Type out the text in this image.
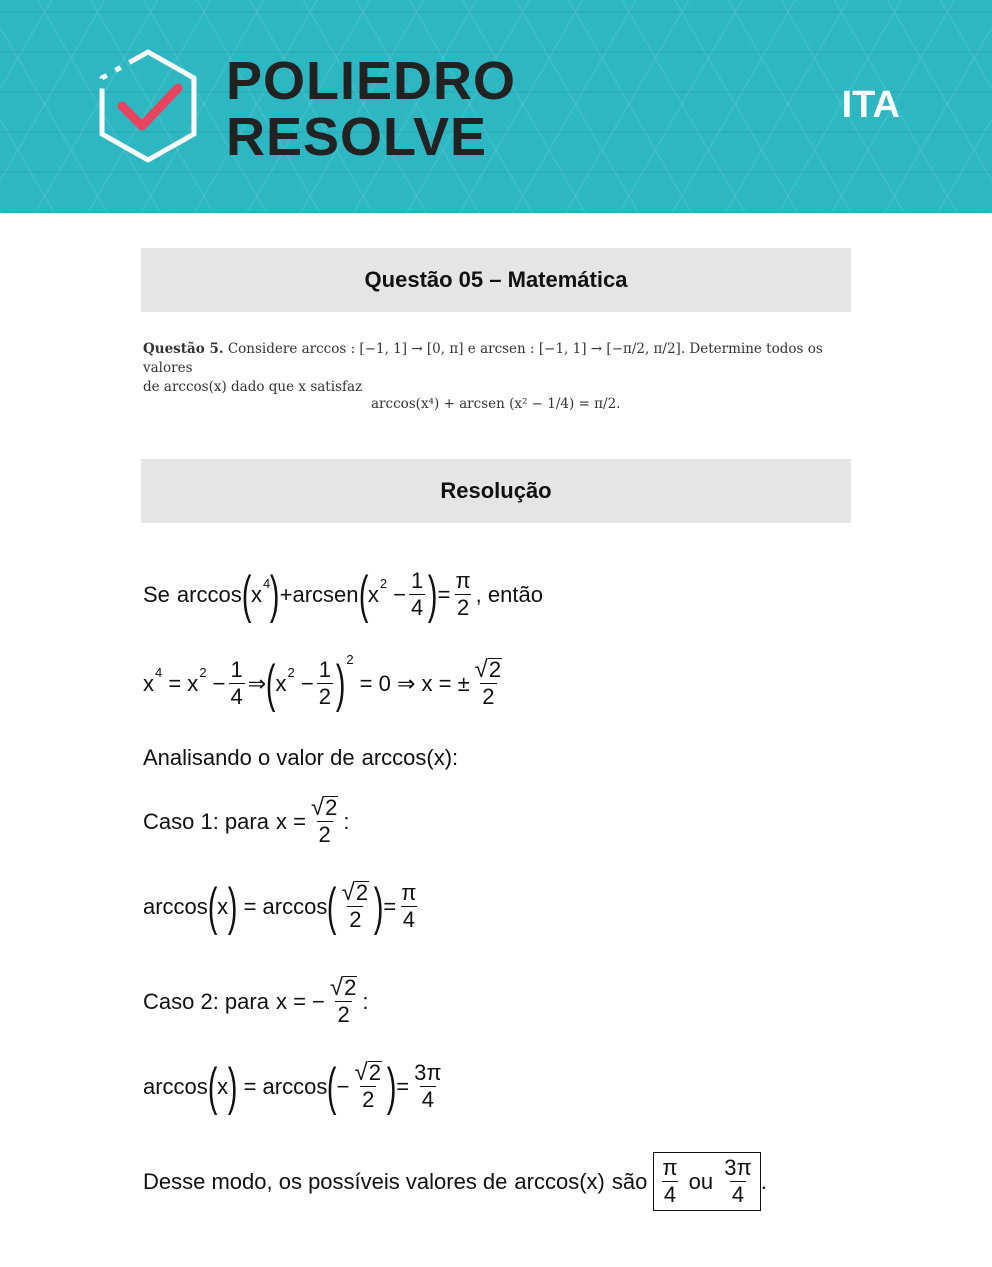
POLIEDRO
RESOLVE
ITA
Questão 05 – Matemática
Questão 5. Considere arccos : [−1, 1] → [0, π] e arcsen : [−1, 1] → [−π/2, π/2]. Determine todos os valores
de arccos(x) dado que x satisfaz
arccos(x⁴) + arcsen (x² − 1/4) = π/2.
Resolução
Se arccos ( x 4 ) + arcsen ( x $2 - \frac{1}{4}$ ) = $\frac{\pi}{2}$ , então
x 4 = x $2 - \frac{1}{4}$ ⇒ ( x $2 - \frac{1}{2}$ ) 2
= 0 ⇒ x = ± $\frac{√ 2}{2}$
Analisando o valor de arccos(x):
Caso 1: para $x = \frac{√ 2}{2}$ :
arccos ( x ) = arccos ( $\frac{√ 2}{2}$ ) = $\frac{\pi}{4}$
Caso 2: para x = − $\frac{√ 2}{2}$ :
arccos ( x ) = arccos ( − $\frac{√ 2}{2}$ ) = $\frac{3\pi}{4}$
Desse modo, os possíveis valores de arccos(x) são $\frac{\pi}{4}$
ou
$\frac{3\pi}{4}$ .
